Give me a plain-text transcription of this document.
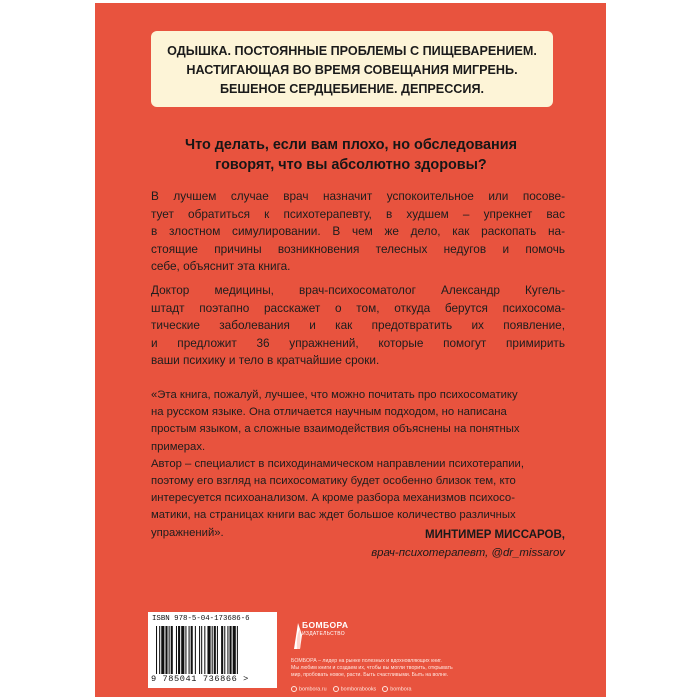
ОДЫШКА. ПОСТОЯННЫЕ ПРОБЛЕМЫ С ПИЩЕВАРЕНИЕМ.
НАСТИГАЮЩАЯ ВО ВРЕМЯ СОВЕЩАНИЯ МИГРЕНЬ.
БЕШЕНОЕ СЕРДЦЕБИЕНИЕ. ДЕПРЕССИЯ.
Что делать, если вам плохо, но обследования
говорят, что вы абсолютно здоровы?
В лучшем случае врач назначит успокоительное или посове-
тует обратиться к психотерапевту, в худшем – упрекнет вас
в злостном симулировании. В чем же дело, как раскопать на-
стоящие причины возникновения телесных недугов и помочь
себе, объяснит эта книга.
Доктор медицины, врач-психосоматолог Александр Кугель-
штадт поэтапно расскажет о том, откуда берутся психосома-
тические заболевания и как предотвратить их появление,
и предложит 36 упражнений, которые помогут примирить
ваши психику и тело в кратчайшие сроки.
«Эта книга, пожалуй, лучшее, что можно почитать про психосоматику
на русском языке. Она отличается научным подходом, но написана
простым языком, а сложные взаимодействия объяснены на понятных
примерах.
Автор – специалист в психодинамическом направлении психотерапии,
поэтому его взгляд на психосоматику будет особенно близок тем, кто
интересуется психоанализом. А кроме разбора механизмов психосо-
матики, на страницах книги вас ждет большое количество различных
упражнений».	МИНТИМЕР МИССАРОВ,
врач-психотерапевт, @dr_missarov
ISBN 978-5-04-173686-6
9 785041 736866 >
БОМБОРА
ИЗДАТЕЛЬСТВО
БОМБОРА – лидер на рынке полезных и вдохновляющих книг.
Мы любим книги и создаем их, чтобы вы могли творить, открывать
мир, пробовать новое, расти. Быть счастливыми. Быть на волне.
bombora.ru	bomborabooks	bombora
